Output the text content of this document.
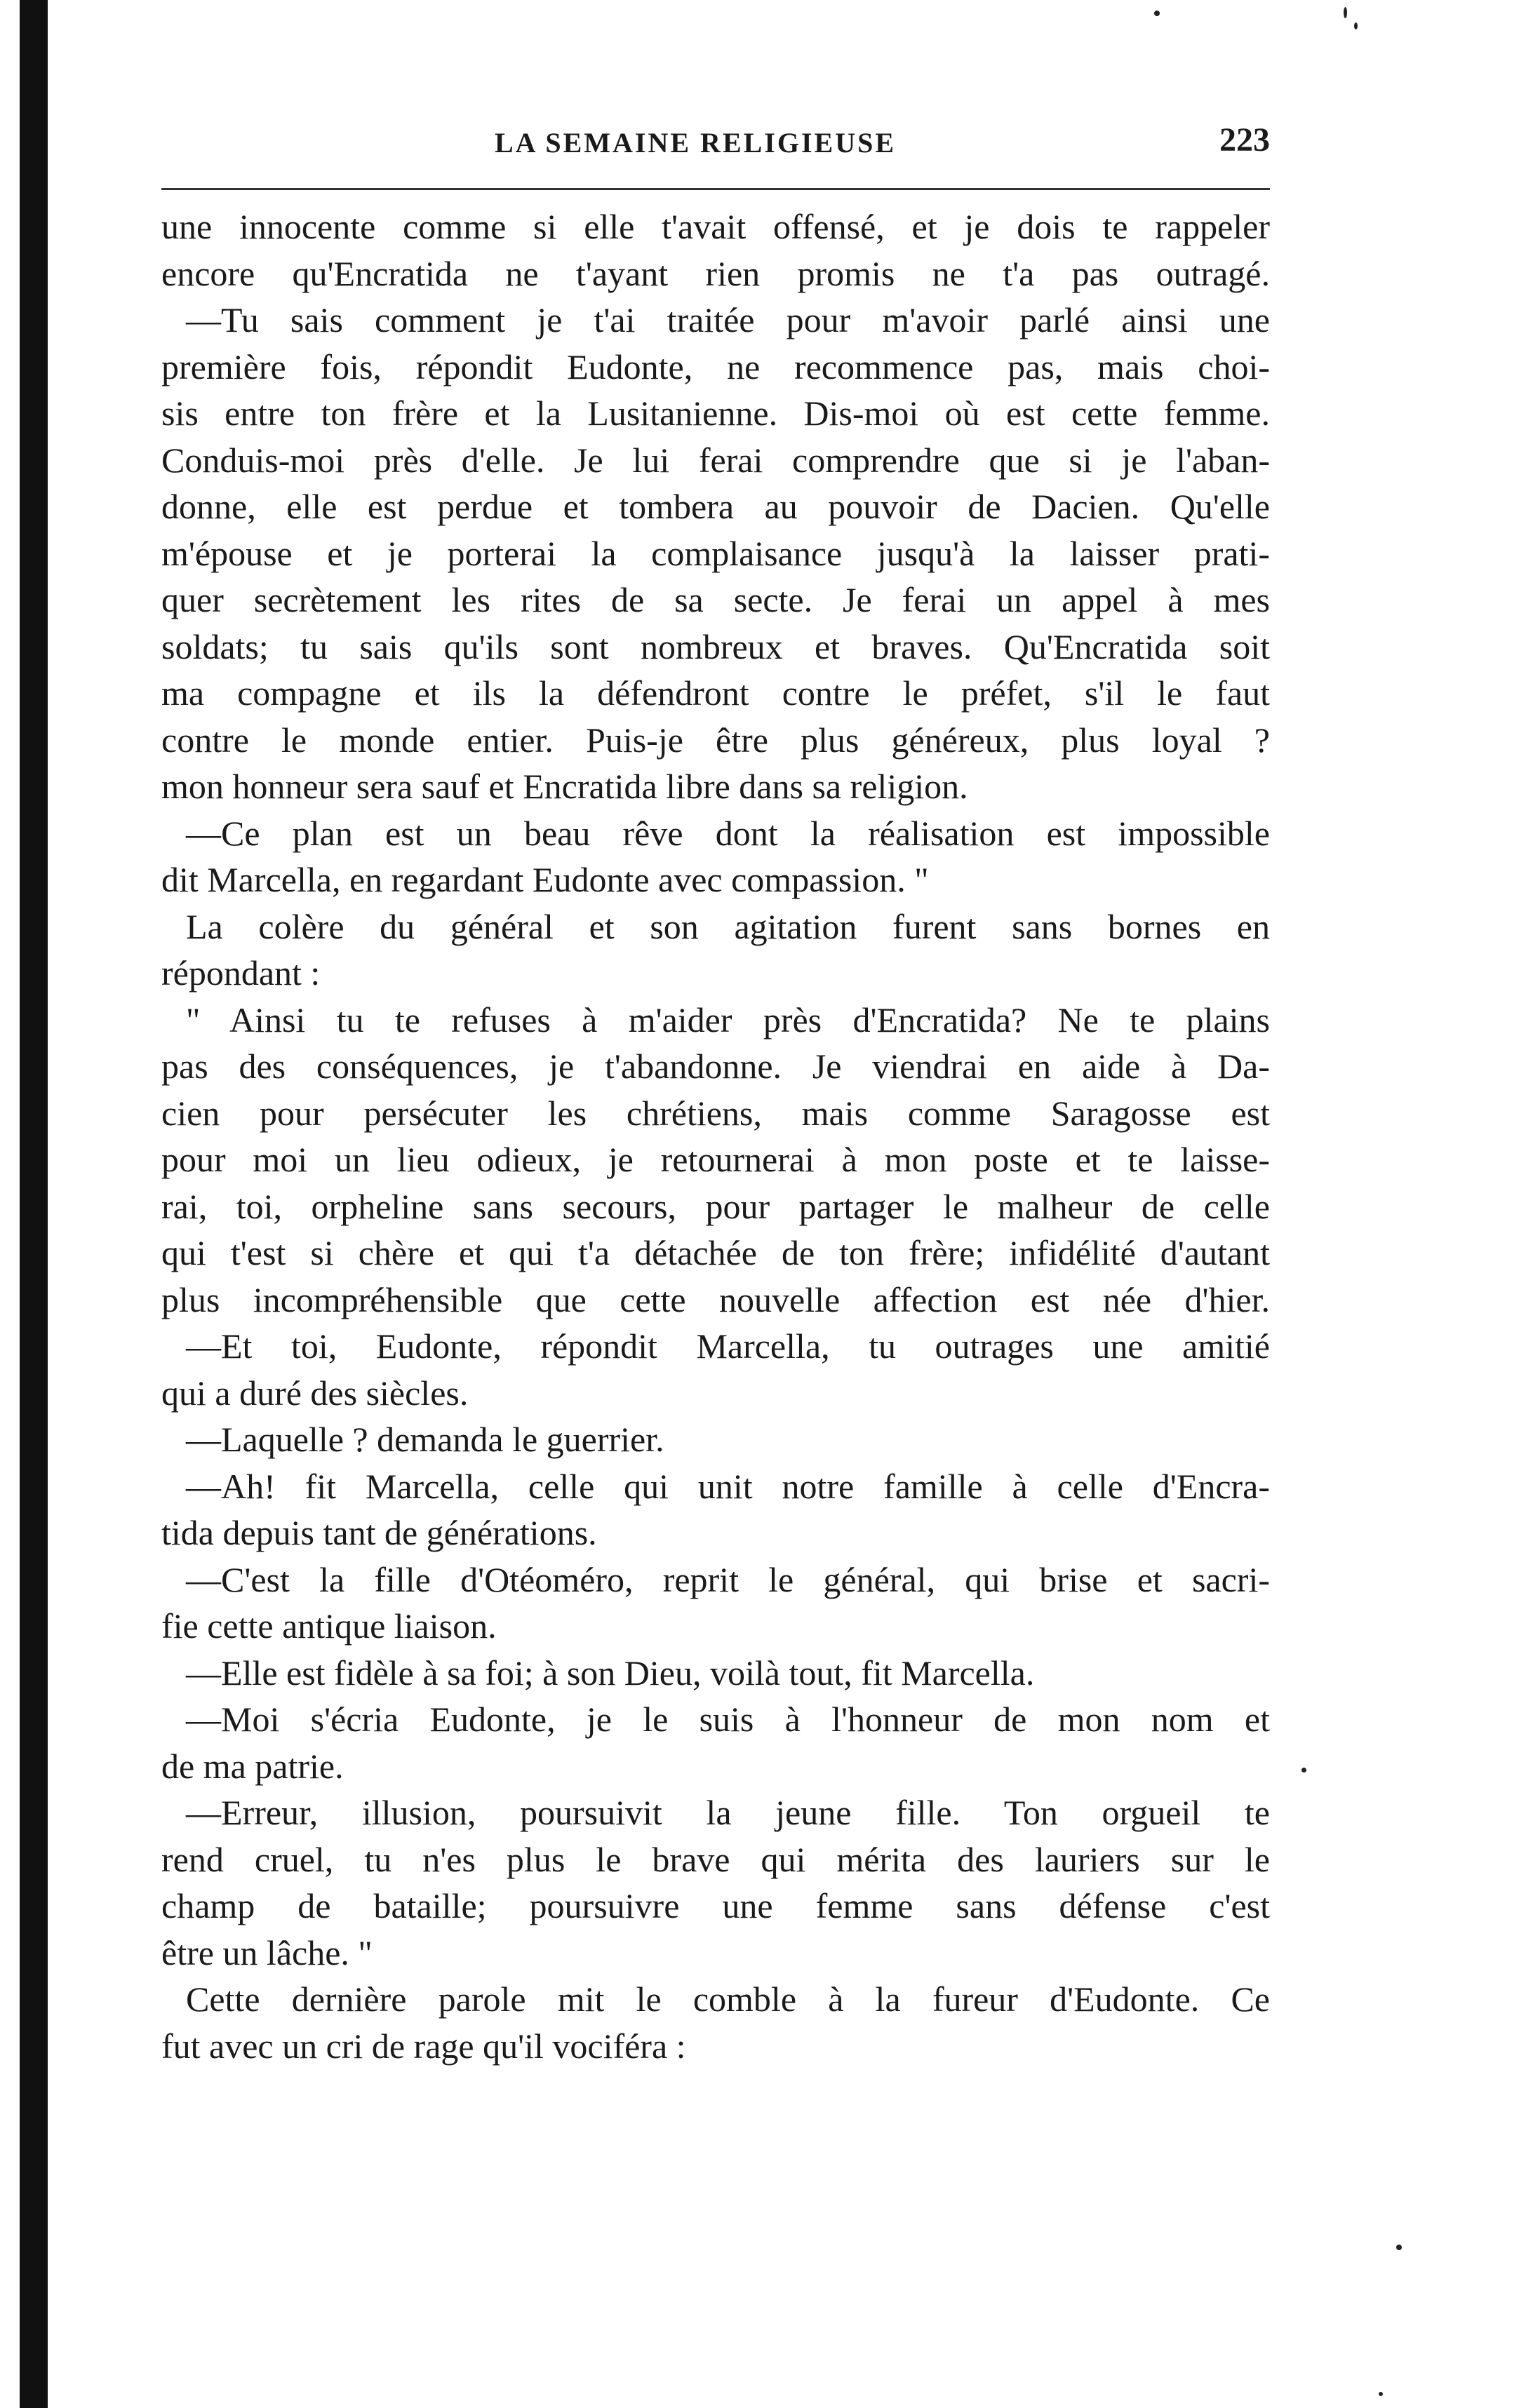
LA SEMAINE RELIGIEUSE	223
une innocente comme si elle t'avait offensé, et je dois te rappeler
encore qu'Encratida ne t'ayant rien promis ne t'a pas outragé.
—Tu sais comment je t'ai traitée pour m'avoir parlé ainsi une
première fois, répondit Eudonte, ne recommence pas, mais choi-
sis entre ton frère et la Lusitanienne. Dis-moi où est cette femme.
Conduis-moi près d'elle. Je lui ferai comprendre que si je l'aban-
donne, elle est perdue et tombera au pouvoir de Dacien. Qu'elle
m'épouse et je porterai la complaisance jusqu'à la laisser prati-
quer secrètement les rites de sa secte. Je ferai un appel à mes
soldats; tu sais qu'ils sont nombreux et braves. Qu'Encratida soit
ma compagne et ils la défendront contre le préfet, s'il le faut
contre le monde entier. Puis-je être plus généreux, plus loyal ?
mon honneur sera sauf et Encratida libre dans sa religion.
—Ce plan est un beau rêve dont la réalisation est impossible
dit Marcella, en regardant Eudonte avec compassion. "
La colère du général et son agitation furent sans bornes en
répondant :
" Ainsi tu te refuses à m'aider près d'Encratida? Ne te plains
pas des conséquences, je t'abandonne. Je viendrai en aide à Da-
cien pour persécuter les chrétiens, mais comme Saragosse est
pour moi un lieu odieux, je retournerai à mon poste et te laisse-
rai, toi, orpheline sans secours, pour partager le malheur de celle
qui t'est si chère et qui t'a détachée de ton frère; infidélité d'autant
plus incompréhensible que cette nouvelle affection est née d'hier.
—Et toi, Eudonte, répondit Marcella, tu outrages une amitié
qui a duré des siècles.
—Laquelle ? demanda le guerrier.
—Ah! fit Marcella, celle qui unit notre famille à celle d'Encra-
tida depuis tant de générations.
—C'est la fille d'Otéoméro, reprit le général, qui brise et sacri-
fie cette antique liaison.
—Elle est fidèle à sa foi; à son Dieu, voilà tout, fit Marcella.
—Moi s'écria Eudonte, je le suis à l'honneur de mon nom et
de ma patrie.
—Erreur, illusion, poursuivit la jeune fille. Ton orgueil te
rend cruel, tu n'es plus le brave qui mérita des lauriers sur le
champ de bataille; poursuivre une femme sans défense c'est
être un lâche. "
Cette dernière parole mit le comble à la fureur d'Eudonte. Ce
fut avec un cri de rage qu'il vociféra :
